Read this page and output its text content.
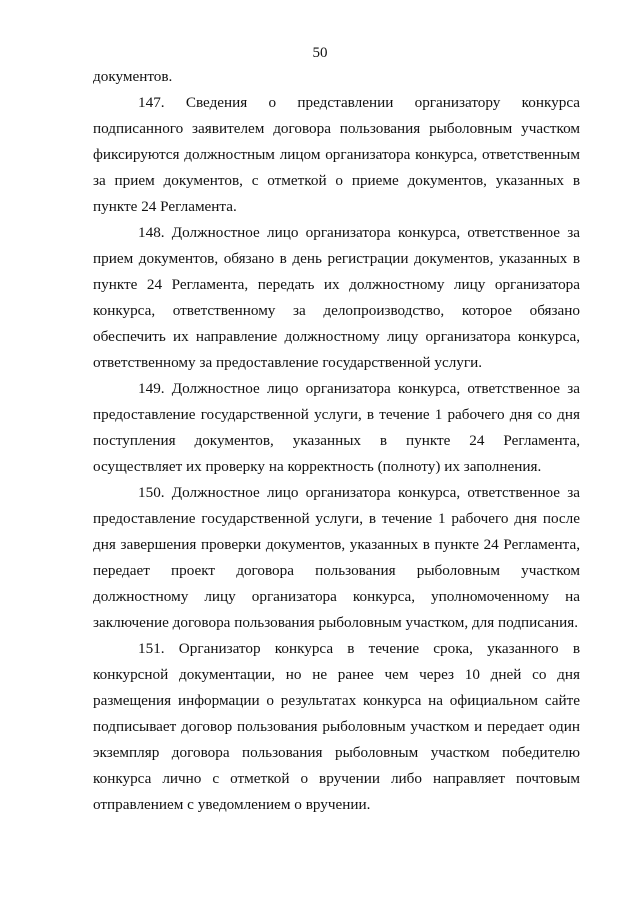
50

документов.

147. Сведения о представлении организатору конкурса подписанного заявителем договора пользования рыболовным участком фиксируются должностным лицом организатора конкурса, ответственным за прием документов, с отметкой о приеме документов, указанных в пункте 24 Регламента.

148. Должностное лицо организатора конкурса, ответственное за прием документов, обязано в день регистрации документов, указанных в пункте 24 Регламента, передать их должностному лицу организатора конкурса, ответственному за делопроизводство, которое обязано обеспечить их направление должностному лицу организатора конкурса, ответственному за предоставление государственной услуги.

149. Должностное лицо организатора конкурса, ответственное за предоставление государственной услуги, в течение 1 рабочего дня со дня поступления документов, указанных в пункте 24 Регламента, осуществляет их проверку на корректность (полноту) их заполнения.

150. Должностное лицо организатора конкурса, ответственное за предоставление государственной услуги, в течение 1 рабочего дня после дня завершения проверки документов, указанных в пункте 24 Регламента, передает проект договора пользования рыболовным участком должностному лицу организатора конкурса, уполномоченному на заключение договора пользования рыболовным участком, для подписания.

151. Организатор конкурса в течение срока, указанного в конкурсной документации, но не ранее чем через 10 дней со дня размещения информации о результатах конкурса на официальном сайте подписывает договор пользования рыболовным участком и передает один экземпляр договора пользования рыболовным участком победителю конкурса лично с отметкой о вручении либо направляет почтовым отправлением с уведомлением о вручении.
